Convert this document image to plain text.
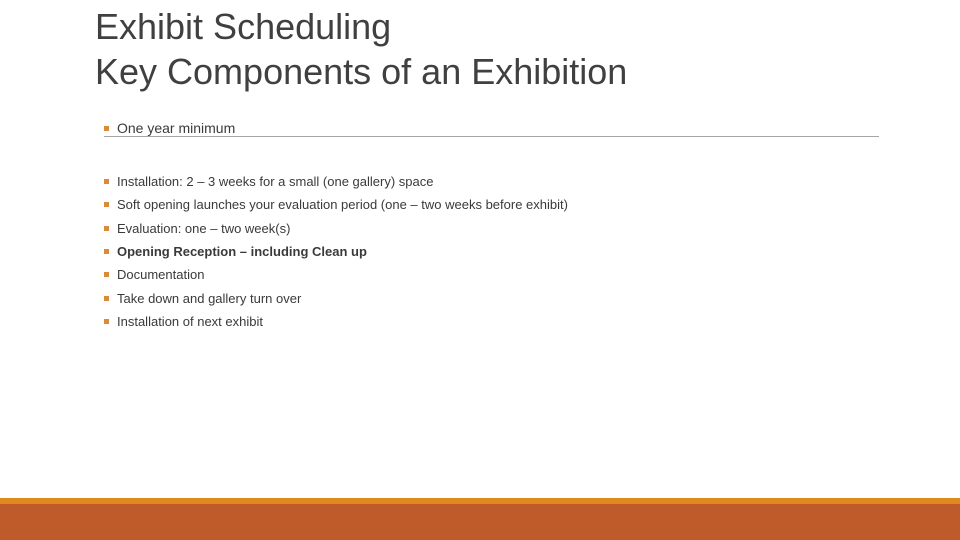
Exhibit Scheduling
Key Components of an Exhibition
One year minimum
Installation: 2 – 3 weeks for a small (one gallery) space
Soft opening launches your evaluation period (one – two weeks before exhibit)
Evaluation: one – two week(s)
Opening Reception – including Clean up
Documentation
Take down and gallery turn over
Installation of next exhibit
